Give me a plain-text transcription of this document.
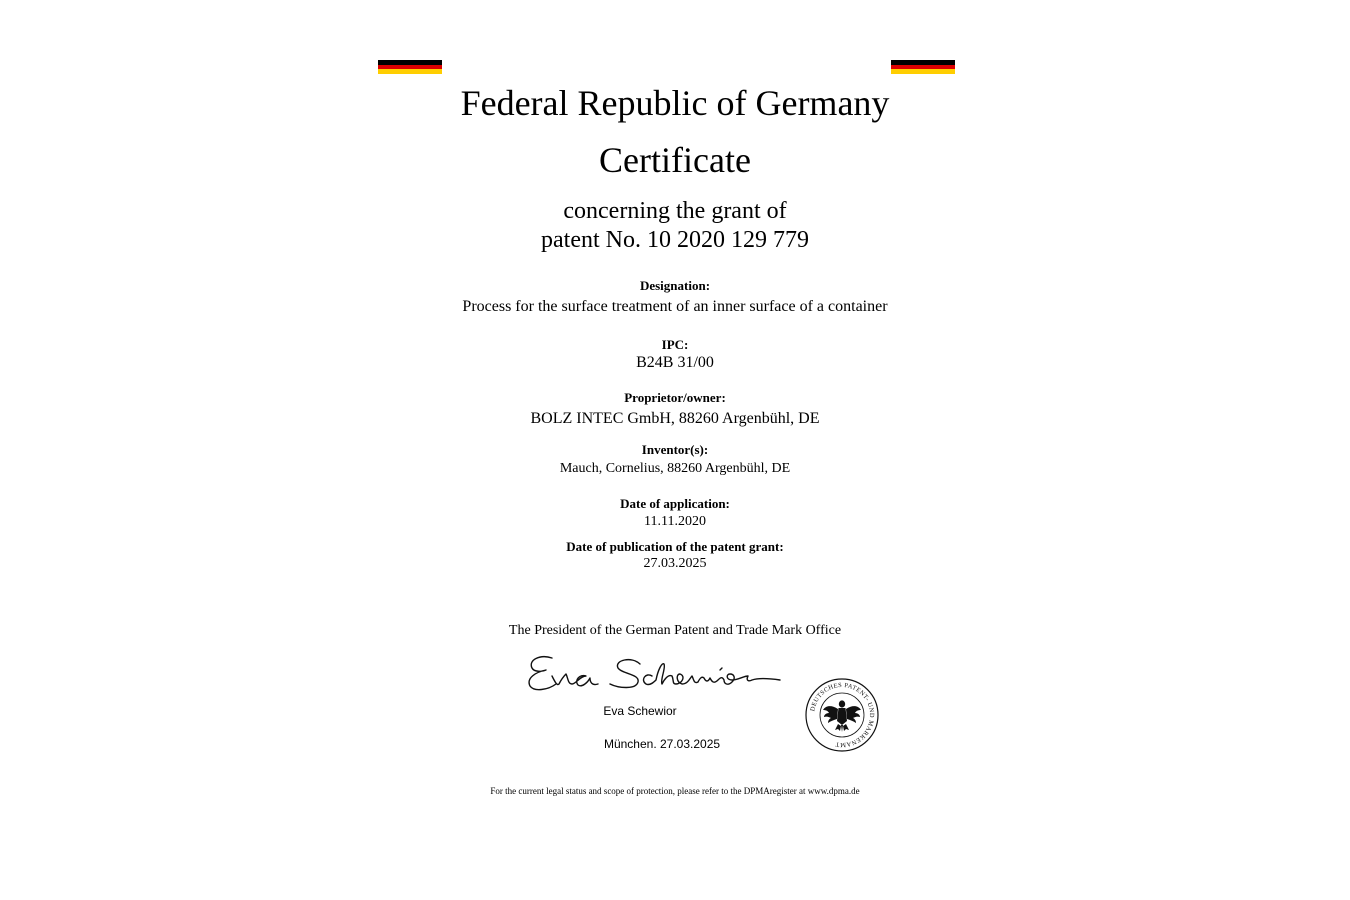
Federal Republic of Germany
Certificate
concerning the grant of
patent No. 10 2020 129 779
Designation:
Process for the surface treatment of an inner surface of a container
IPC:
B24B 31/00
Proprietor/owner:
BOLZ INTEC GmbH, 88260 Argenbühl, DE
Inventor(s):
Mauch, Cornelius, 88260 Argenbühl, DE
Date of application:
11.11.2020
Date of publication of the patent grant:
27.03.2025
The President of the German Patent and Trade Mark Office
Eva Schewior
München. 27.03.2025
DEUTSCHES PATENT- UND MARKENAMT
For the current legal status and scope of protection, please refer to the DPMAregister at www.dpma.de
